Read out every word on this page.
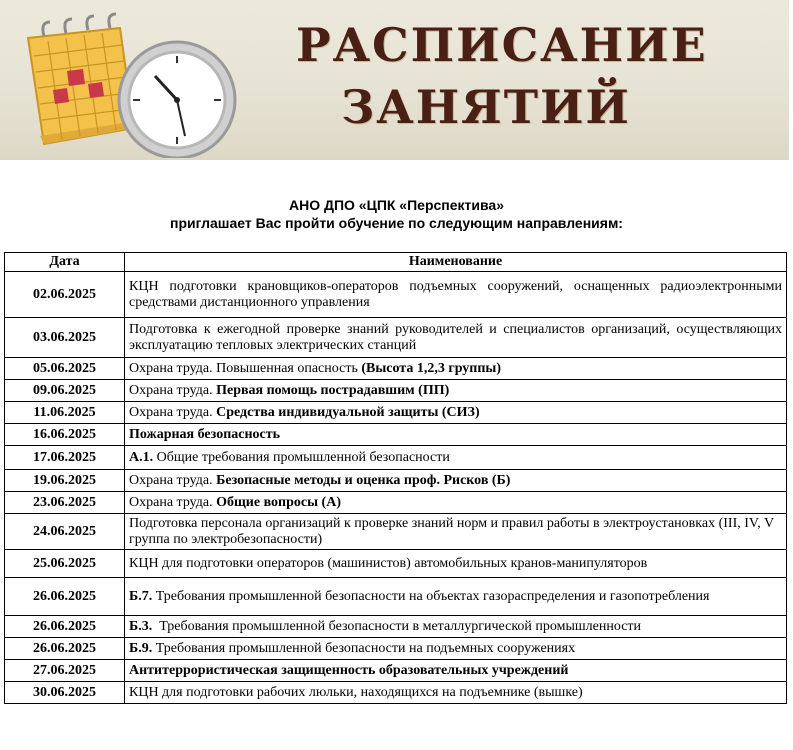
РАСПИСАНИЕ
ЗАНЯТИЙ
АНО ДПО «ЦПК «Перспектива»
приглашает Вас пройти обучение по следующим направлениям:
Дата	Наименование
02.06.2025	КЦН подготовки крановщиков-операторов подъемных сооружений, оснащенных радиоэлектронными средствами дистанционного управления
03.06.2025	Подготовка к ежегодной проверке знаний руководителей и специалистов организаций, осуществляющих эксплуатацию тепловых электрических станций
05.06.2025	Охрана труда. Повышенная опасность (Высота 1,2,3 группы)
09.06.2025	Охрана труда. Первая помощь пострадавшим (ПП)
11.06.2025	Охрана труда. Средства индивидуальной защиты (СИЗ)
16.06.2025	Пожарная безопасность
17.06.2025	А.1. Общие требования промышленной безопасности
19.06.2025	Охрана труда. Безопасные методы и оценка проф. Рисков (Б)
23.06.2025	Охрана труда. Общие вопросы (А)
24.06.2025	Подготовка персонала организаций к проверке знаний норм и правил работы в электроустановках (III, IV, V группа по электробезопасности)
25.06.2025	КЦН для подготовки операторов (машинистов) автомобильных кранов-манипуляторов
26.06.2025	Б.7. Требования промышленной безопасности на объектах газораспределения и газопотребления
26.06.2025	Б.3.  Требования промышленной безопасности в металлургической промышленности
26.06.2025	Б.9. Требования промышленной безопасности на подъемных сооружениях
27.06.2025	Антитеррористическая защищенность образовательных учреждений
30.06.2025	КЦН для подготовки рабочих люльки, находящихся на подъемнике (вышке)
